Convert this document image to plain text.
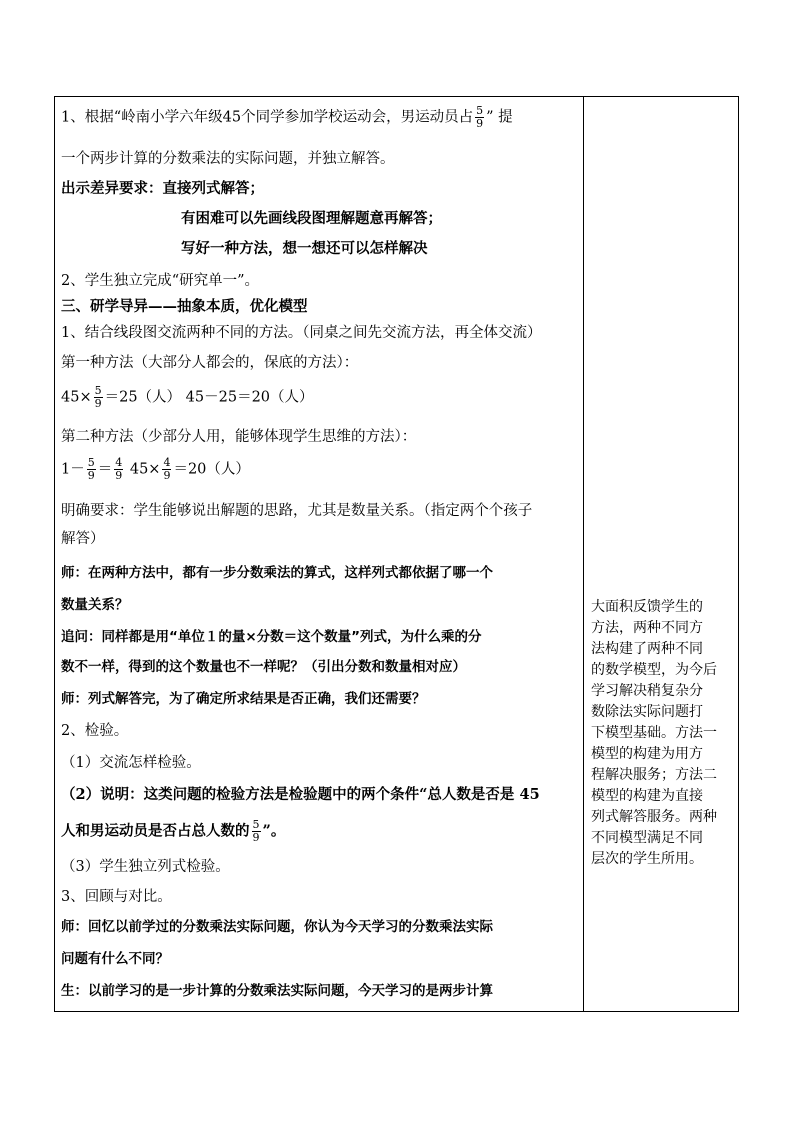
1、根据“岭南小学六年级45个同学参加学校运动会，男运动员占 $\frac{5}{9}$ ” 提
一个两步计算的分数乘法的实际问题，并独立解答。
出示差异要求：直接列式解答；
有困难可以先画线段图理解题意再解答；
写好一种方法，想一想还可以怎样解决
2、学生独立完成“研究单一”。
三、研学导异——抽象本质，优化模型
1、结合线段图交流两种不同的方法。（同桌之间先交流方法，再全体交流）
第一种方法（大部分人都会的，保底的方法）：
$45\times \frac{5}{9} =25$（人） 45－25＝20（人）
第二种方法（少部分人用，能够体现学生思维的方法）：
$1- \frac{5}{9} = \frac{4}{9} 45\times \frac{4}{9} =20$（人）
明确要求：学生能够说出解题的思路，尤其是数量关系。（指定两个个孩子
解答）
师：在两种方法中，都有一步分数乘法的算式，这样列式都依据了哪一个
数量关系？
追问：同样都是用“单位１的量×分数＝这个数量”列式，为什么乘的分
数不一样，得到的这个数量也不一样呢？（引出分数和数量相对应）
师：列式解答完，为了确定所求结果是否正确，我们还需要？
2、检验。
（1）交流怎样检验。
（2）说明：这类问题的检验方法是检验题中的两个条件“总人数是否是 45
人和男运动员是否占总人数的 $\frac{5}{9}$ ”。
（3）学生独立列式检验。
3、回顾与对比。
师：回忆以前学过的分数乘法实际问题，你认为今天学习的分数乘法实际
问题有什么不同？
生：以前学习的是一步计算的分数乘法实际问题，今天学习的是两步计算
大面积反馈学生的
方法，两种不同方
法构建了两种不同
的数学模型，为今后
学习解决稍复杂分
数除法实际问题打
下模型基础。方法一
模型的构建为用方
程解决服务；方法二
模型的构建为直接
列式解答服务。两种
不同模型满足不同
层次的学生所用。
